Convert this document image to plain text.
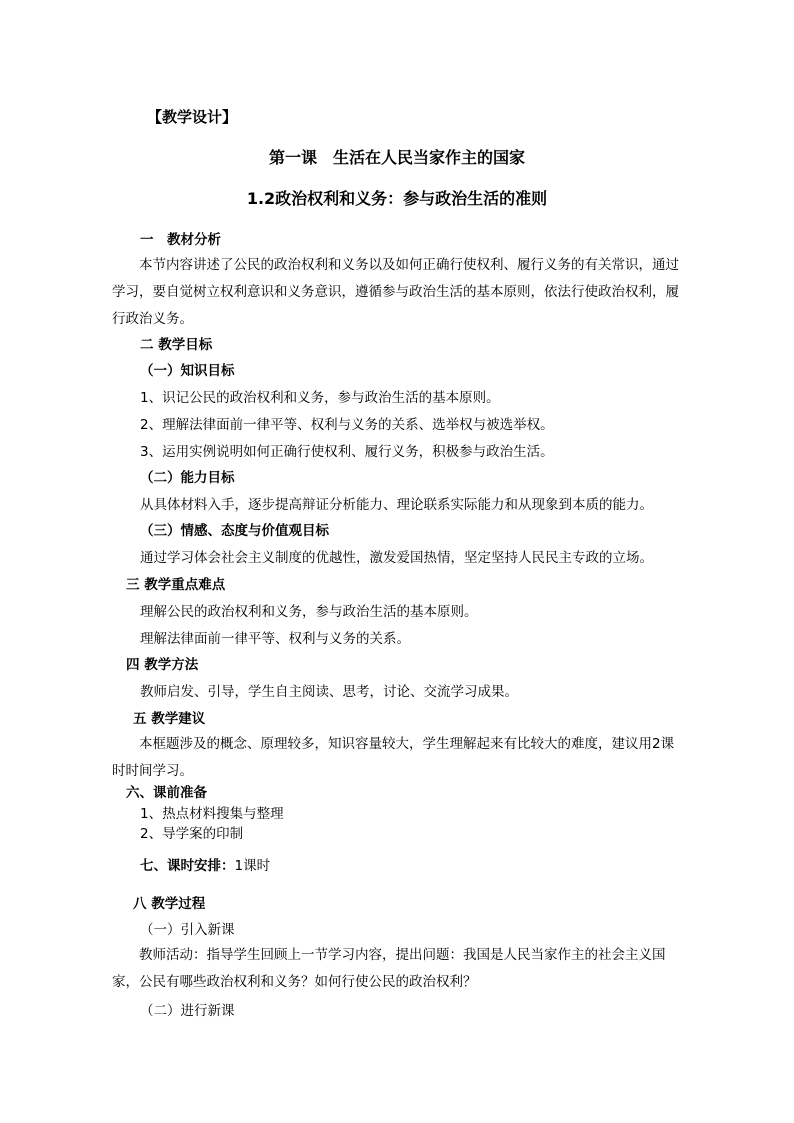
【教学设计】
第一课　生活在人民当家作主的国家
1.2政治权利和义务：参与政治生活的准则
一　教材分析
本节内容讲述了公民的政治权利和义务以及如何正确行使权利、履行义务的有关常识，通过学习，要自觉树立权利意识和义务意识，遵循参与政治生活的基本原则，依法行使政治权利，履行政治义务。
二 教学目标
（一）知识目标
1、识记公民的政治权利和义务，参与政治生活的基本原则。
2、理解法律面前一律平等、权利与义务的关系、选举权与被选举权。
3、运用实例说明如何正确行使权利、履行义务，积极参与政治生活。
（二）能力目标
从具体材料入手，逐步提高辩证分析能力、理论联系实际能力和从现象到本质的能力。
（三）情感、态度与价值观目标
通过学习体会社会主义制度的优越性，激发爱国热情，坚定坚持人民民主专政的立场。
三 教学重点难点
理解公民的政治权利和义务，参与政治生活的基本原则。
理解法律面前一律平等、权利与义务的关系。
四 教学方法
教师启发、引导，学生自主阅读、思考，讨论、交流学习成果。
五 教学建议
本框题涉及的概念、原理较多，知识容量较大，学生理解起来有比较大的难度，建议用2课时时间学习。
六、课前准备
1、热点材料搜集与整理
2、导学案的印制
七、课时安排：1课时
八 教学过程
（一）引入新课
教师活动：指导学生回顾上一节学习内容，提出问题：我国是人民当家作主的社会主义国家，公民有哪些政治权利和义务？如何行使公民的政治权利？
（二）进行新课
